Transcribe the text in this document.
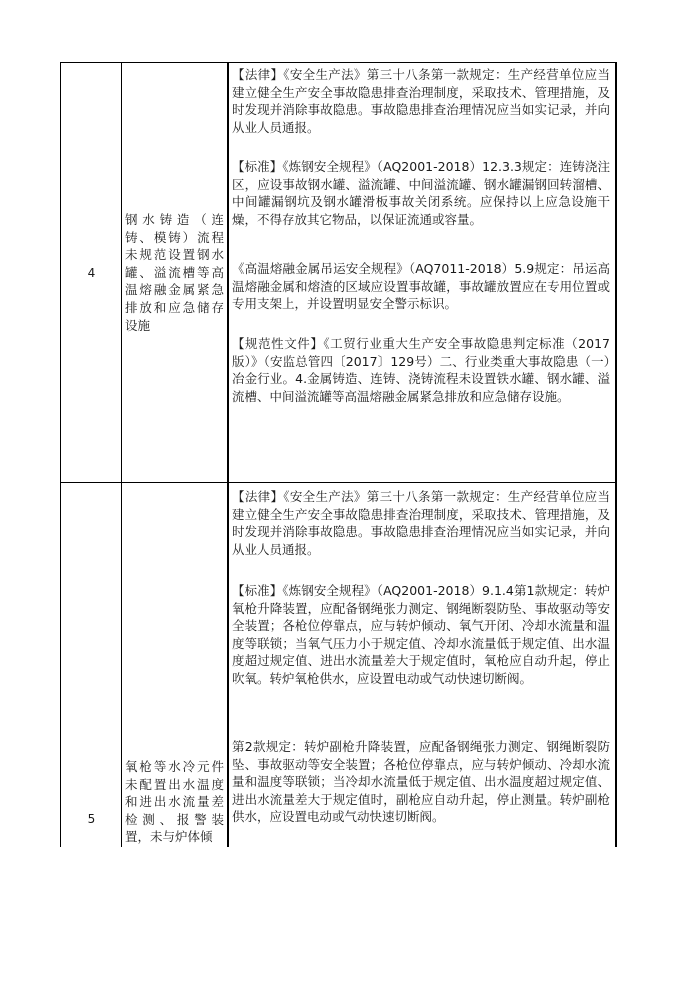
4

钢水铸造（连铸、模铸）流程未规范设置钢水罐、溢流槽等高温熔融金属紧急排放和应急储存设施

【法律】《安全生产法》第三十八条第一款规定：生产经营单位应当建立健全生产安全事故隐患排查治理制度，采取技术、管理措施，及时发现并消除事故隐患。事故隐患排查治理情况应当如实记录，并向从业人员通报。

【标准】《炼钢安全规程》（AQ2001-2018）12.3.3规定：连铸浇注区，应设事故钢水罐、溢流罐、中间溢流罐、钢水罐漏钢回转溜槽、中间罐漏钢坑及钢水罐滑板事故关闭系统。应保持以上应急设施干燥，不得存放其它物品，以保证流通或容量。

《高温熔融金属吊运安全规程》（AQ7011-2018）5.9规定：吊运高温熔融金属和熔渣的区域应设置事故罐，事故罐放置应在专用位置或专用支架上，并设置明显安全警示标识。

【规范性文件】《工贸行业重大生产安全事故隐患判定标准（2017版）》（安监总管四〔2017〕129号）二、行业类重大事故隐患（一）冶金行业。4.金属铸造、连铸、浇铸流程未设置铁水罐、钢水罐、溢流槽、中间溢流罐等高温熔融金属紧急排放和应急储存设施。

5

氧枪等水冷元件未配置出水温度和进出水流量差检测、报警装置，未与炉体倾

【法律】《安全生产法》第三十八条第一款规定：生产经营单位应当建立健全生产安全事故隐患排查治理制度，采取技术、管理措施，及时发现并消除事故隐患。事故隐患排查治理情况应当如实记录，并向从业人员通报。

【标准】《炼钢安全规程》（AQ2001-2018）9.1.4第1款规定：转炉氧枪升降装置，应配备钢绳张力测定、钢绳断裂防坠、事故驱动等安全装置；各枪位停靠点，应与转炉倾动、氧气开闭、冷却水流量和温度等联锁；当氧气压力小于规定值、冷却水流量低于规定值、出水温度超过规定值、进出水流量差大于规定值时，氧枪应自动升起，停止吹氧。转炉氧枪供水，应设置电动或气动快速切断阀。

第2款规定：转炉副枪升降装置，应配备钢绳张力测定、钢绳断裂防坠、事故驱动等安全装置；各枪位停靠点，应与转炉倾动、冷却水流量和温度等联锁；当冷却水流量低于规定值、出水温度超过规定值、进出水流量差大于规定值时，副枪应自动升起，停止测量。转炉副枪供水，应设置电动或气动快速切断阀。
